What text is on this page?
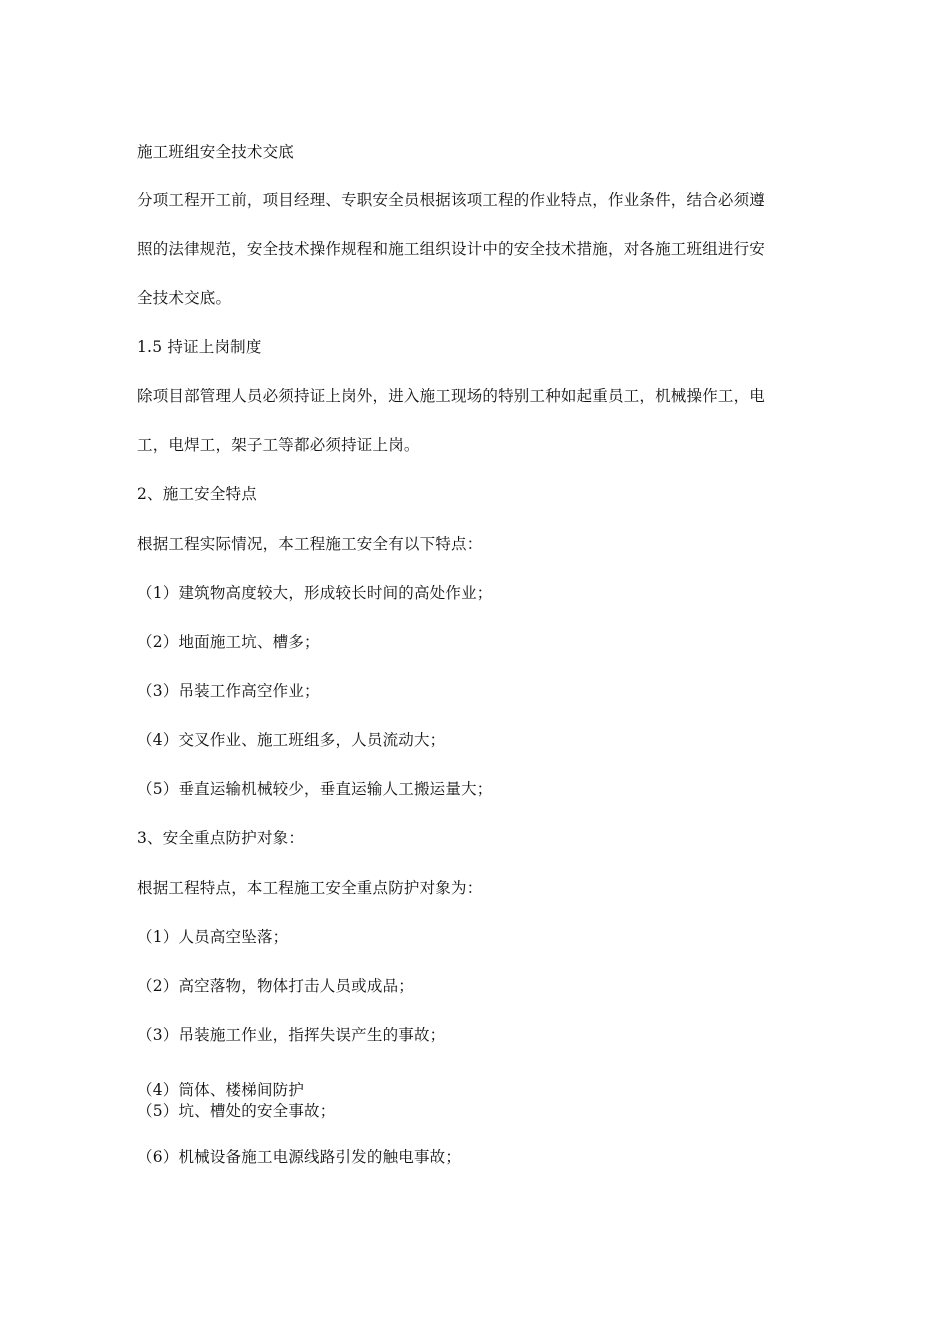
施工班组安全技术交底
分项工程开工前，项目经理、专职安全员根据该项工程的作业特点，作业条件，结合必须遵
照的法律规范，安全技术操作规程和施工组织设计中的安全技术措施，对各施工班组进行安
全技术交底。
1.5 持证上岗制度
除项目部管理人员必须持证上岗外，进入施工现场的特别工种如起重员工，机械操作工，电
工，电焊工，架子工等都必须持证上岗。
2、施工安全特点
根据工程实际情况，本工程施工安全有以下特点：
（1）建筑物高度较大，形成较长时间的高处作业；
（2）地面施工坑、槽多；
（3）吊装工作高空作业；
（4）交叉作业、施工班组多，人员流动大；
（5）垂直运输机械较少，垂直运输人工搬运量大；
3、安全重点防护对象：
根据工程特点，本工程施工安全重点防护对象为：
（1）人员高空坠落；
（2）高空落物，物体打击人员或成品；
（3）吊装施工作业，指挥失误产生的事故；
（4）筒体、楼梯间防护
（5）坑、槽处的安全事故；
（6）机械设备施工电源线路引发的触电事故；
